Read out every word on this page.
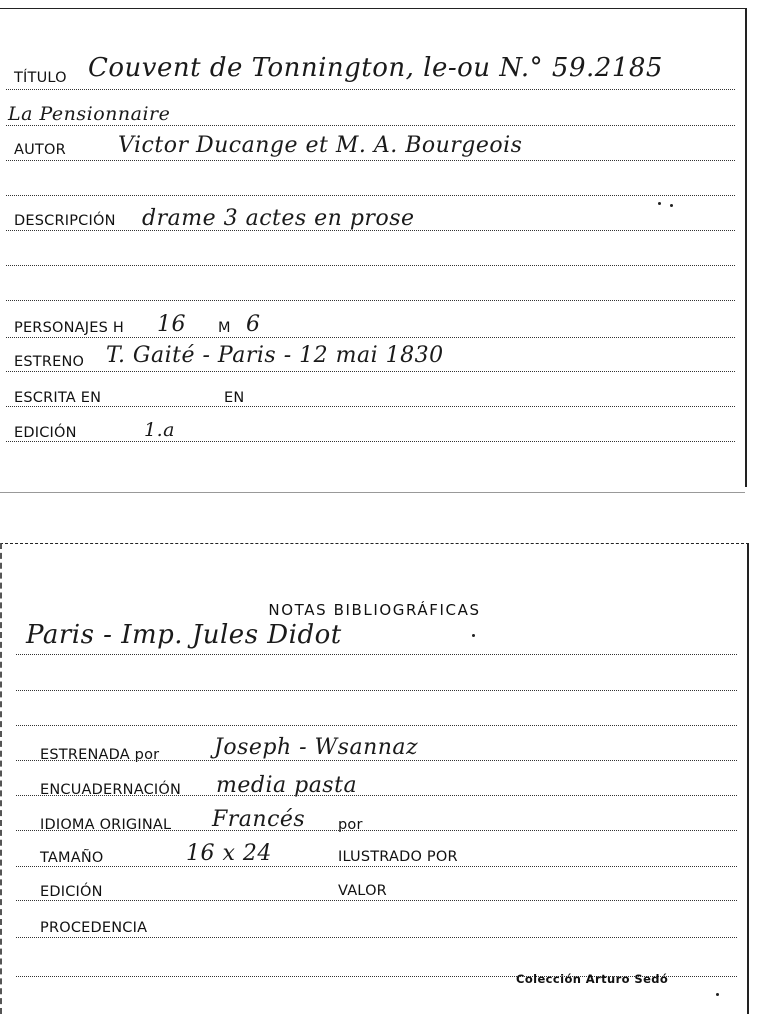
TÍTULO Couvent de Tonnington, le-ou N.° 59.2185
La Pensionnaire
AUTOR Victor Ducange et M. A. Bourgeois
DESCRIPCIÓN drame 3 actes en prose
PERSONAJES H 16 M 6
ESTRENO T. Gaité - Paris - 12 mai 1830
ESCRITA EN	EN
EDICIÓN	1.a
NOTAS BIBLIOGRÁFICAS
Paris - Imp. Jules Didot
ESTRENADA por Joseph - Wsannaz
ENCUADERNACIÓN media pasta
IDIOMA ORIGINAL Francés por
TAMAÑO	16 x 24	ILUSTRADO POR
EDICIÓN	VALOR
PROCEDENCIA
Colección Arturo Sedó
